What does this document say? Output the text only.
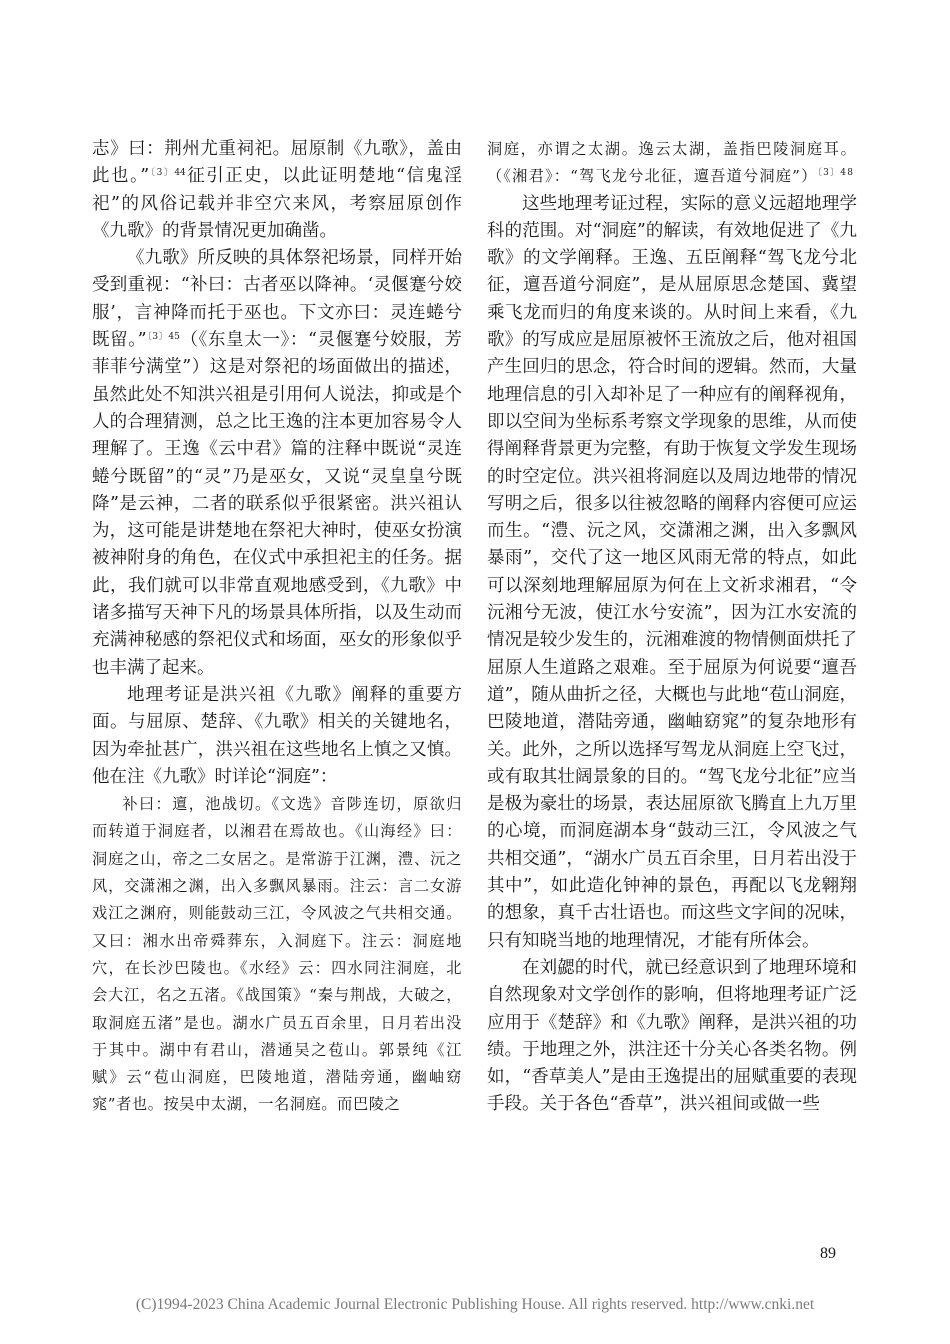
志》曰：荆州尤重祠祀。屈原制《九歌》，盖由此也。”$^{〔3〕44}$征引正史，以此证明楚地“信鬼淫祀”的风俗记载并非空穴来风，考察屈原创作《九歌》的背景情况更加确凿。

《九歌》所反映的具体祭祀场景，同样开始受到重视：“补曰：古者巫以降神。‘灵偃蹇兮姣服’，言神降而托于巫也。下文亦曰：灵连蜷兮既留。”$^{〔3〕45}$（《东皇太一》：“灵偃蹇兮姣服，芳菲菲兮满堂”）这是对祭祀的场面做出的描述，虽然此处不知洪兴祖是引用何人说法，抑或是个人的合理猜测，总之比王逸的注本更加容易令人理解了。王逸《云中君》篇的注释中既说“灵连蜷兮既留”的“灵”乃是巫女，又说“灵皇皇兮既降”是云神，二者的联系似乎很紧密。洪兴祖认为，这可能是讲楚地在祭祀大神时，使巫女扮演被神附身的角色，在仪式中承担祀主的任务。据此，我们就可以非常直观地感受到，《九歌》中诸多描写天神下凡的场景具体所指，以及生动而充满神秘感的祭祀仪式和场面，巫女的形象似乎也丰满了起来。

地理考证是洪兴祖《九歌》阐释的重要方面。与屈原、楚辞、《九歌》相关的关键地名，因为牵扯甚广，洪兴祖在这些地名上慎之又慎。他在注《九歌》时详论“洞庭”：

补曰：邅，池战切。《文选》音陟连切，原欲归而转道于洞庭者，以湘君在焉故也。《山海经》曰：洞庭之山，帝之二女居之。是常游于江渊，澧、沅之风，交潇湘之渊，出入多飘风暴雨。注云：言二女游戏江之渊府，则能鼓动三江，令风波之气共相交通。又曰：湘水出帝舜葬东，入洞庭下。注云：洞庭地穴，在长沙巴陵也。《水经》云：四水同注洞庭，北会大江，名之五渚。《战国策》“秦与荆战，大破之，取洞庭五渚”是也。湖水广员五百余里，日月若出没于其中。湖中有君山，潜通吴之苞山。郭景纯《江赋》云“苞山洞庭，巴陵地道，潜陆旁通，幽岫窈窕”者也。按吴中太湖，一名洞庭。而巴陵之

洞庭，亦谓之太湖。逸云太湖，盖指巴陵洞庭耳。（《湘君》：“驾飞龙兮北征，邅吾道兮洞庭”）$^{〔3〕48}$

这些地理考证过程，实际的意义远超地理学科的范围。对“洞庭”的解读，有效地促进了《九歌》的文学阐释。王逸、五臣阐释“驾飞龙兮北征，邅吾道兮洞庭”，是从屈原思念楚国、冀望乘飞龙而归的角度来谈的。从时间上来看，《九歌》的写成应是屈原被怀王流放之后，他对祖国产生回归的思念，符合时间的逻辑。然而，大量地理信息的引入却补足了一种应有的阐释视角，即以空间为坐标系考察文学现象的思维，从而使得阐释背景更为完整，有助于恢复文学发生现场的时空定位。洪兴祖将洞庭以及周边地带的情况写明之后，很多以往被忽略的阐释内容便可应运而生。“澧、沅之风，交潇湘之渊，出入多飘风暴雨”，交代了这一地区风雨无常的特点，如此可以深刻地理解屈原为何在上文祈求湘君，“令沅湘兮无波，使江水兮安流”，因为江水安流的情况是较少发生的，沅湘难渡的物情侧面烘托了屈原人生道路之艰难。至于屈原为何说要“邅吾道”，随从曲折之径，大概也与此地“苞山洞庭，巴陵地道，潜陆旁通，幽岫窈窕”的复杂地形有关。此外，之所以选择写驾龙从洞庭上空飞过，或有取其壮阔景象的目的。“驾飞龙兮北征”应当是极为豪壮的场景，表达屈原欲飞腾直上九万里的心境，而洞庭湖本身“鼓动三江，令风波之气共相交通”，“湖水广员五百余里，日月若出没于其中”，如此造化钟神的景色，再配以飞龙翱翔的想象，真千古壮语也。而这些文字间的况味，只有知晓当地的地理情况，才能有所体会。

在刘勰的时代，就已经意识到了地理环境和自然现象对文学创作的影响，但将地理考证广泛应用于《楚辞》和《九歌》阐释，是洪兴祖的功绩。于地理之外，洪注还十分关心各类名物。例如，“香草美人”是由王逸提出的屈赋重要的表现手段。关于各色“香草”，洪兴祖间或做一些

89
(C)1994-2023 China Academic Journal Electronic Publishing House. All rights reserved. http://www.cnki.net
